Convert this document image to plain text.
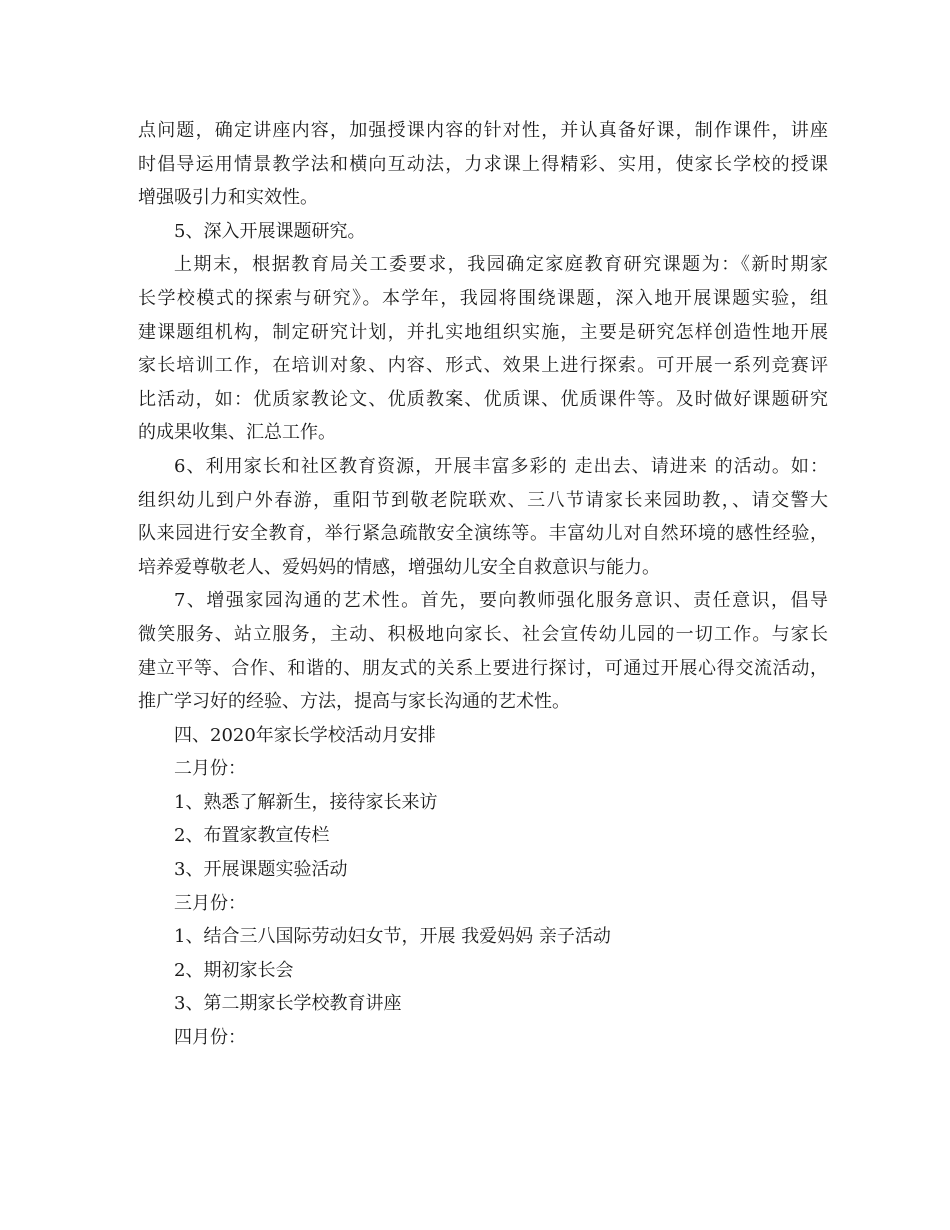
点问题，确定讲座内容，加强授课内容的针对性，并认真备好课，制作课件，讲座
时倡导运用情景教学法和横向互动法，力求课上得精彩、实用，使家长学校的授课
增强吸引力和实效性。
5、深入开展课题研究。
上期末，根据教育局关工委要求，我园确定家庭教育研究课题为：《新时期家
长学校模式的探索与研究》。本学年，我园将围绕课题，深入地开展课题实验，组
建课题组机构，制定研究计划，并扎实地组织实施，主要是研究怎样创造性地开展
家长培训工作，在培训对象、内容、形式、效果上进行探索。可开展一系列竞赛评
比活动，如：优质家教论文、优质教案、优质课、优质课件等。及时做好课题研究
的成果收集、汇总工作。
6、利用家长和社区教育资源，开展丰富多彩的 走出去、请进来 的活动。如：
组织幼儿到户外春游，重阳节到敬老院联欢、三八节请家长来园助教，、请交警大
队来园进行安全教育，举行紧急疏散安全演练等。丰富幼儿对自然环境的感性经验，
培养爱尊敬老人、爱妈妈的情感，增强幼儿安全自救意识与能力。
7、增强家园沟通的艺术性。首先，要向教师强化服务意识、责任意识，倡导
微笑服务、站立服务，主动、积极地向家长、社会宣传幼儿园的一切工作。与家长
建立平等、合作、和谐的、朋友式的关系上要进行探讨，可通过开展心得交流活动，
推广学习好的经验、方法，提高与家长沟通的艺术性。
四、2020年家长学校活动月安排
二月份：
1、熟悉了解新生，接待家长来访
2、布置家教宣传栏
3、开展课题实验活动
三月份：
1、结合三八国际劳动妇女节，开展 我爱妈妈 亲子活动
2、期初家长会
3、第二期家长学校教育讲座
四月份：
